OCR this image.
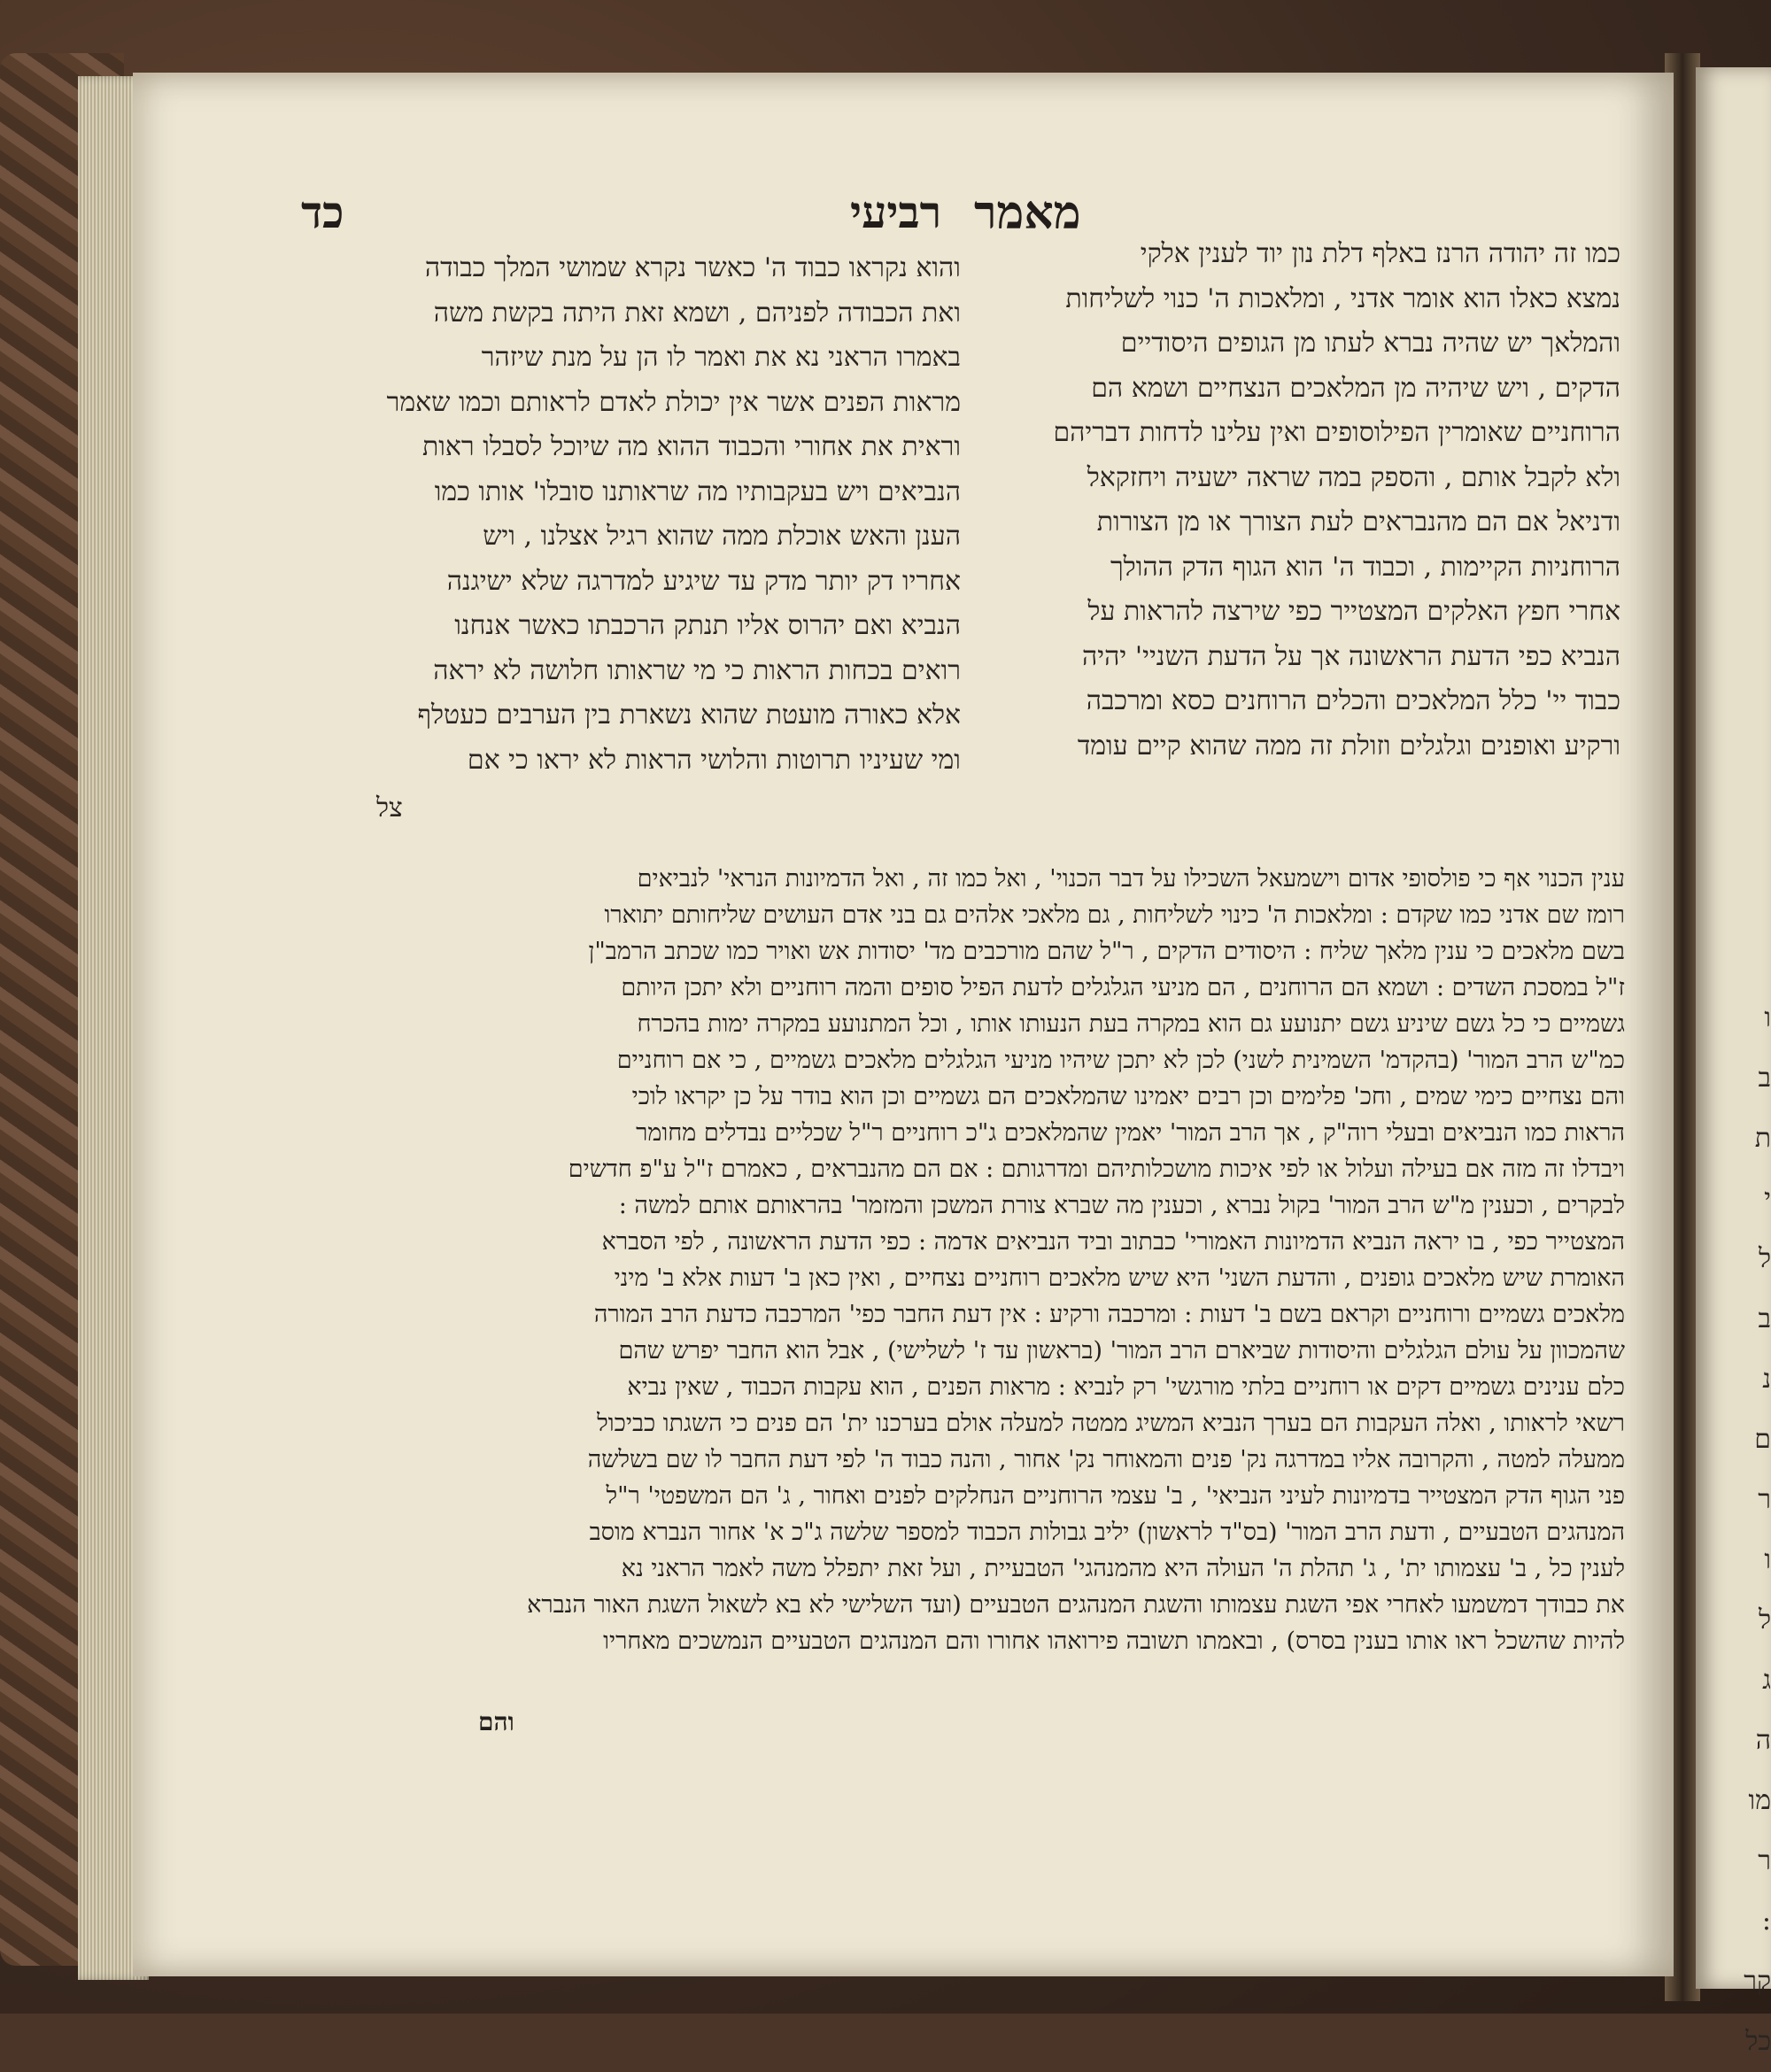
ו
ב
ת
י
ל
ב
נ
ם
ר
ו
ל
ג
ה
מו
ר
:
קר
כל
כד	רביעי מאמר

כמו זה יהודה הרנז באלף דלת נון יוד לענין אלקי

נמצא כאלו הוא אומר אדני , ומלאכות ה' כנוי לשליחות

והמלאך יש שהיה נברא לעתו מן הגופים היסודיים

הדקים , ויש שיהיה מן המלאכים הנצחיים ושמא הם

הרוחניים שאומרין הפילוסופים ואין עלינו לדחות דבריהם

ולא לקבל אותם , והספק במה שראה ישעיה ויחזקאל

ודניאל אם הם מהנבראים לעת הצורך או מן הצורות

הרוחניות הקיימות , וכבוד ה' הוא הגוף הדק ההולך

אחרי חפץ האלקים המצטייר כפי שירצה להראות על

הנביא כפי הדעת הראשונה אך על הדעת השניי' יהיה

כבוד יי' כלל המלאכים והכלים הרוחנים כסא ומרכבה

ורקיע ואופנים וגלגלים וזולת זה ממה שהוא קיים עומד

והוא נקראו כבוד ה' כאשר נקרא שמושי המלך כבודה

ואת הכבודה לפניהם , ושמא זאת היתה בקשת משה

באמרו הראני נא את ואמר לו הן על מנת שיזהר

מראות הפנים אשר אין יכולת לאדם לראותם וכמו שאמר

וראית את אחורי והכבוד ההוא מה שיוכל לסבלו ראות

הנביאים ויש בעקבותיו מה שראותנו סובלו' אותו כמו

הענן והאש אוכלת ממה שהוא רגיל אצלנו , ויש

אחריו דק יותר מדק עד שיגיע למדרגה שלא ישיגנה

הנביא ואם יהרוס אליו תנתק הרכבתו כאשר אנחנו

רואים בכחות הראות כי מי שראותו חלושה לא יראה

אלא כאורה מועטת שהוא נשארת בין הערבים כעטלף

ומי שעיניו תרוטות והלושי הראות לא יראו כי אם

צל

ענין הכנוי אף כי פולסופי אדום וישמעאל השכילו על דבר הכנוי' , ואל כמו זה , ואל הדמיונות הנראי' לנביאים

רומז שם אדני כמו שקדם : ומלאכות ה' כינוי לשליחות , גם מלאכי אלהים גם בני אדם העושים שליחותם יתוארו

בשם מלאכים כי ענין מלאך שליח : היסודים הדקים , ר"ל שהם מורכבים מד' יסודות אש ואויר כמו שכתב הרמב"ן

ז"ל במסכת השדים : ושמא הם הרוחנים , הם מניעי הגלגלים לדעת הפיל סופים והמה רוחניים ולא יתכן היותם

גשמיים כי כל גשם שיניע גשם יתנועע גם הוא במקרה בעת הנעותו אותו , וכל המתנועע במקרה ימות בהכרח

כמ"ש הרב המור' (בהקדמ' השמינית לשני) לכן לא יתכן שיהיו מניעי הגלגלים מלאכים גשמיים , כי אם רוחניים

והם נצחיים כימי שמים , וחכ' פלימים וכן רבים יאמינו שהמלאכים הם גשמיים וכן הוא בודר על כן יקראו לוכי

הראות כמו הנביאים ובעלי רוה"ק , אך הרב המור' יאמין שהמלאכים ג"כ רוחניים ר"ל שכליים נבדלים מחומר

ויבדלו זה מזה אם בעילה ועלול או לפי איכות מושכלותיהם ומדרגותם : אם הם מהנבראים , כאמרם ז"ל ע"פ חדשים

לבקרים , וכענין מ"ש הרב המור' בקול נברא , וכענין מה שברא צורת המשכן והמזמר' בהראותם אותם למשה :

המצטייר כפי , בו יראה הנביא הדמיונות האמורי' כבתוב וביד הנביאים אדמה : כפי הדעת הראשונה , לפי הסברא

האומרת שיש מלאכים גופנים , והדעת השני' היא שיש מלאכים רוחניים נצחיים , ואין כאן ב' דעות אלא ב' מיני

מלאכים גשמיים ורוחניים וקראם בשם ב' דעות : ומרכבה ורקיע : אין דעת החבר כפי' המרכבה כדעת הרב המורה

שהמכוון על עולם הגלגלים והיסודות שביארם הרב המור' (בראשון עד ז' לשלישי) , אבל הוא החבר יפרש שהם

כלם ענינים גשמיים דקים או רוחניים בלתי מורגשי' רק לנביא : מראות הפנים , הוא עקבות הכבוד , שאין נביא

רשאי לראותו , ואלה העקבות הם בערך הנביא המשיג ממטה למעלה אולם בערכנו ית' הם פנים כי השגתו כביכול

ממעלה למטה , והקרובה אליו במדרגה נק' פנים והמאוחר נק' אחור , והנה כבוד ה' לפי דעת החבר לו שם בשלשה

פני הגוף הדק המצטייר בדמיונות לעיני הנביאי' , ב' עצמי הרוחניים הנחלקים לפנים ואחור , ג' הם המשפטי' ר"ל

המנהגים הטבעיים , ודעת הרב המור' (בס"ד לראשון) יליב גבולות הכבוד למספר שלשה ג"כ א' אחור הנברא מוסב

לענין כל , ב' עצמותו ית' , ג' תהלת ה' העולה היא מהמנהגי' הטבעיית , ועל זאת יתפלל משה לאמר הראני נא

את כבודך דמשמעו לאחרי אפי השגת עצמותו והשגת המנהגים הטבעיים (ועד השלישי לא בא לשאול השגת האור הנברא

להיות שהשכל ראו אותו בענין בסרס) , ובאמתו תשובה פירואהו אחורו והם המנהגים הטבעיים הנמשכים מאחריו

והם
